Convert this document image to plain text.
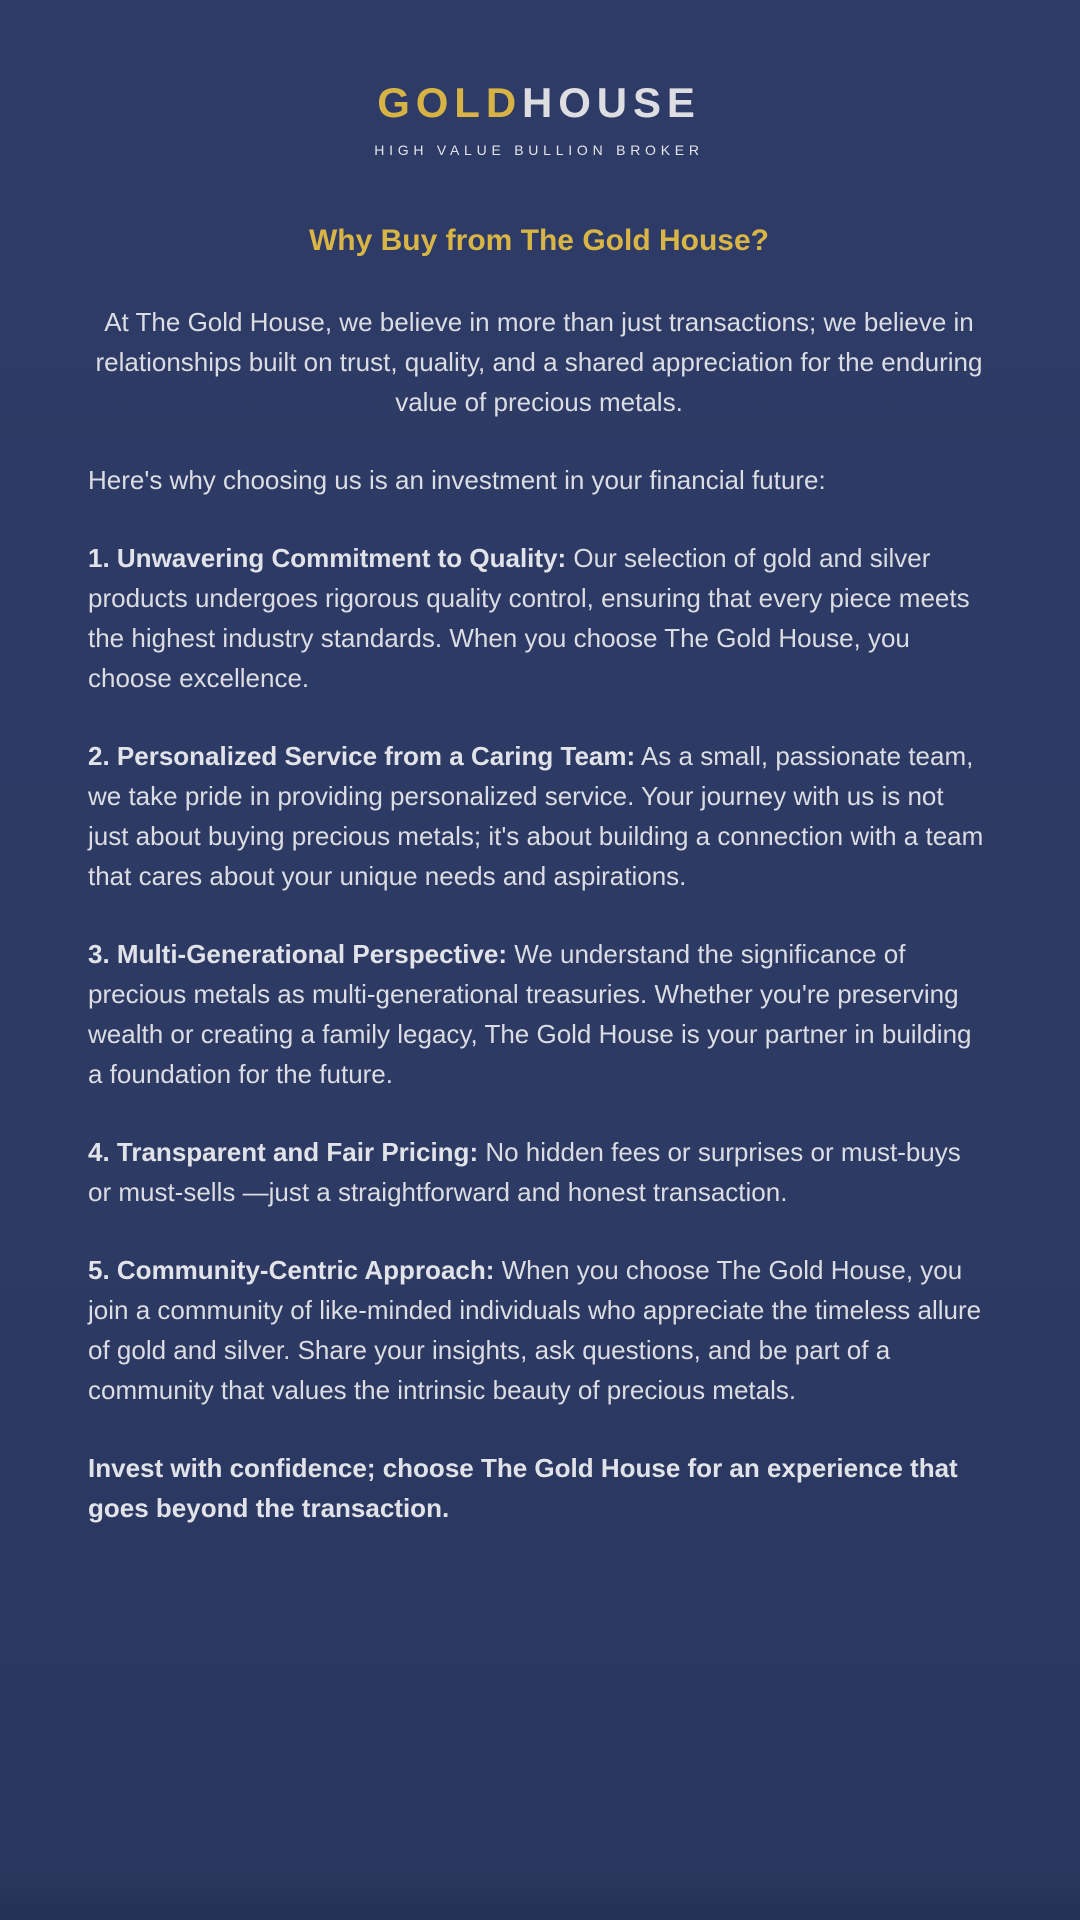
GOLDHOUSE
HIGH VALUE BULLION BROKER
Why Buy from The Gold House?

At The Gold House, we believe in more than just transactions; we believe in relationships built on trust, quality, and a shared appreciation for the enduring value of precious metals.

Here's why choosing us is an investment in your financial future:

1. Unwavering Commitment to Quality: Our selection of gold and silver products undergoes rigorous quality control, ensuring that every piece meets the highest industry standards. When you choose The Gold House, you choose excellence.

2. Personalized Service from a Caring Team: As a small, passionate team, we take pride in providing personalized service. Your journey with us is not just about buying precious metals; it's about building a connection with a team that cares about your unique needs and aspirations.

3. Multi-Generational Perspective: We understand the significance of precious metals as multi-generational treasuries. Whether you're preserving wealth or creating a family legacy, The Gold House is your partner in building a foundation for the future.

4. Transparent and Fair Pricing: No hidden fees or surprises or must-buys or must-sells —just a straightforward and honest transaction.

5. Community-Centric Approach: When you choose The Gold House, you join a community of like-minded individuals who appreciate the timeless allure of gold and silver. Share your insights, ask questions, and be part of a community that values the intrinsic beauty of precious metals.

Invest with confidence; choose The Gold House for an experience that goes beyond the transaction.
